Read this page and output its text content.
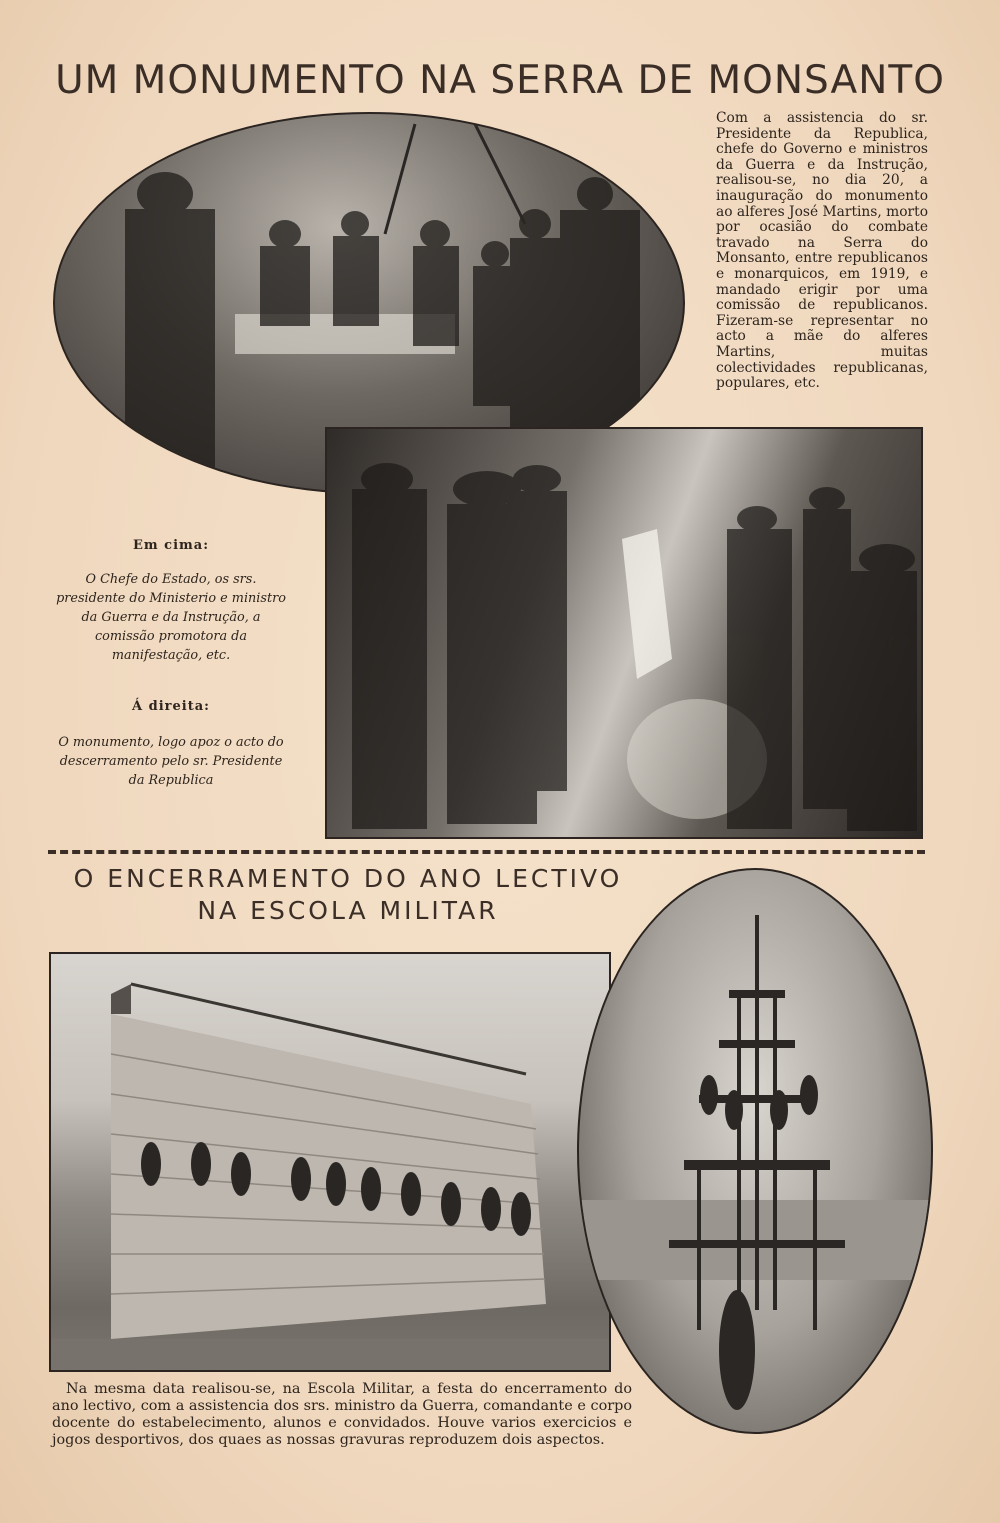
UM MONUMENTO NA SERRA DE MONSANTO

Com a assistencia do sr. Presidente da Republica, chefe do Governo e ministros da Guerra e da Instrução, realisou-se, no dia 20, a inauguração do monumento ao alferes José Martins, morto por ocasião do combate travado na Serra do Monsanto, entre republicanos e monarquicos, em 1919, e mandado erigir por uma comissão de republicanos. Fizeram-se representar no acto a mãe do alferes Martins, muitas colectividades republicanas, populares, etc.

Em cima:

O Chefe do Estado, os srs. presidente do Ministerio e ministro da Guerra e da Instrução, a comissão promotora da manifestação, etc.

Á direita:

O monumento, logo apoz o acto do descerramento pelo sr. Presidente da Republica

O ENCERRAMENTO DO ANO LECTIVO
NA ESCOLA MILITAR

Na mesma data realisou-se, na Escola Militar, a festa do encerramento do ano lectivo, com a assistencia dos srs. ministro da Guerra, comandante e corpo docente do estabelecimento, alunos e convidados. Houve varios exercicios e jogos desportivos, dos quaes as nossas gravuras reproduzem dois aspectos.
